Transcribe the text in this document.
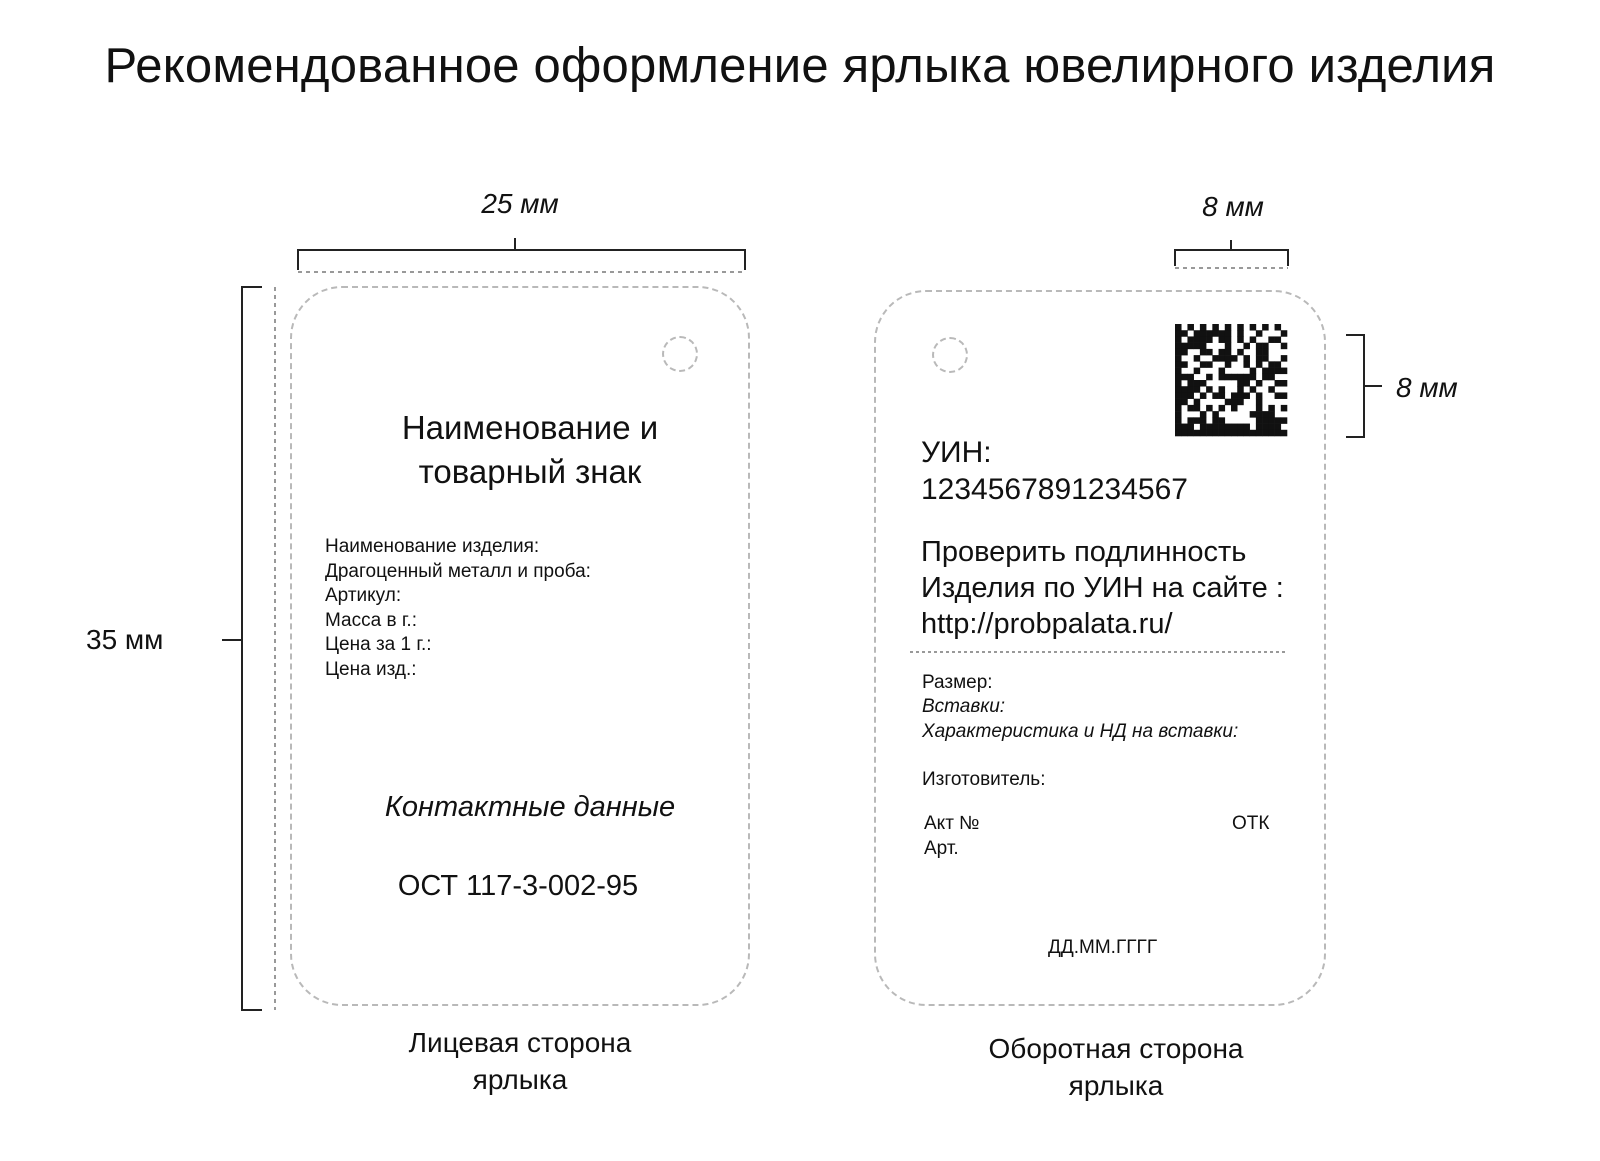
Рекомендованное оформление ярлыка ювелирного изделия
25 мм
35 мм
8 мм
8 мм
Наименование и
товарный знак
Наименование изделия:
Драгоценный металл и проба:
Артикул:
Масса в г.:
Цена за 1 г.:
Цена изд.:
Контактные данные
ОСТ 117-3-002-95
Лицевая сторона
ярлыка
УИН:
1234567891234567
Проверить подлинность
Изделия по УИН на сайте :
http://probpalata.ru/
Размер:
Вставки:
Характеристика и НД на вставки:
Изготовитель:
Акт №	ОТК
Арт.
ДД.ММ.ГГГГ
Оборотная сторона
ярлыка
